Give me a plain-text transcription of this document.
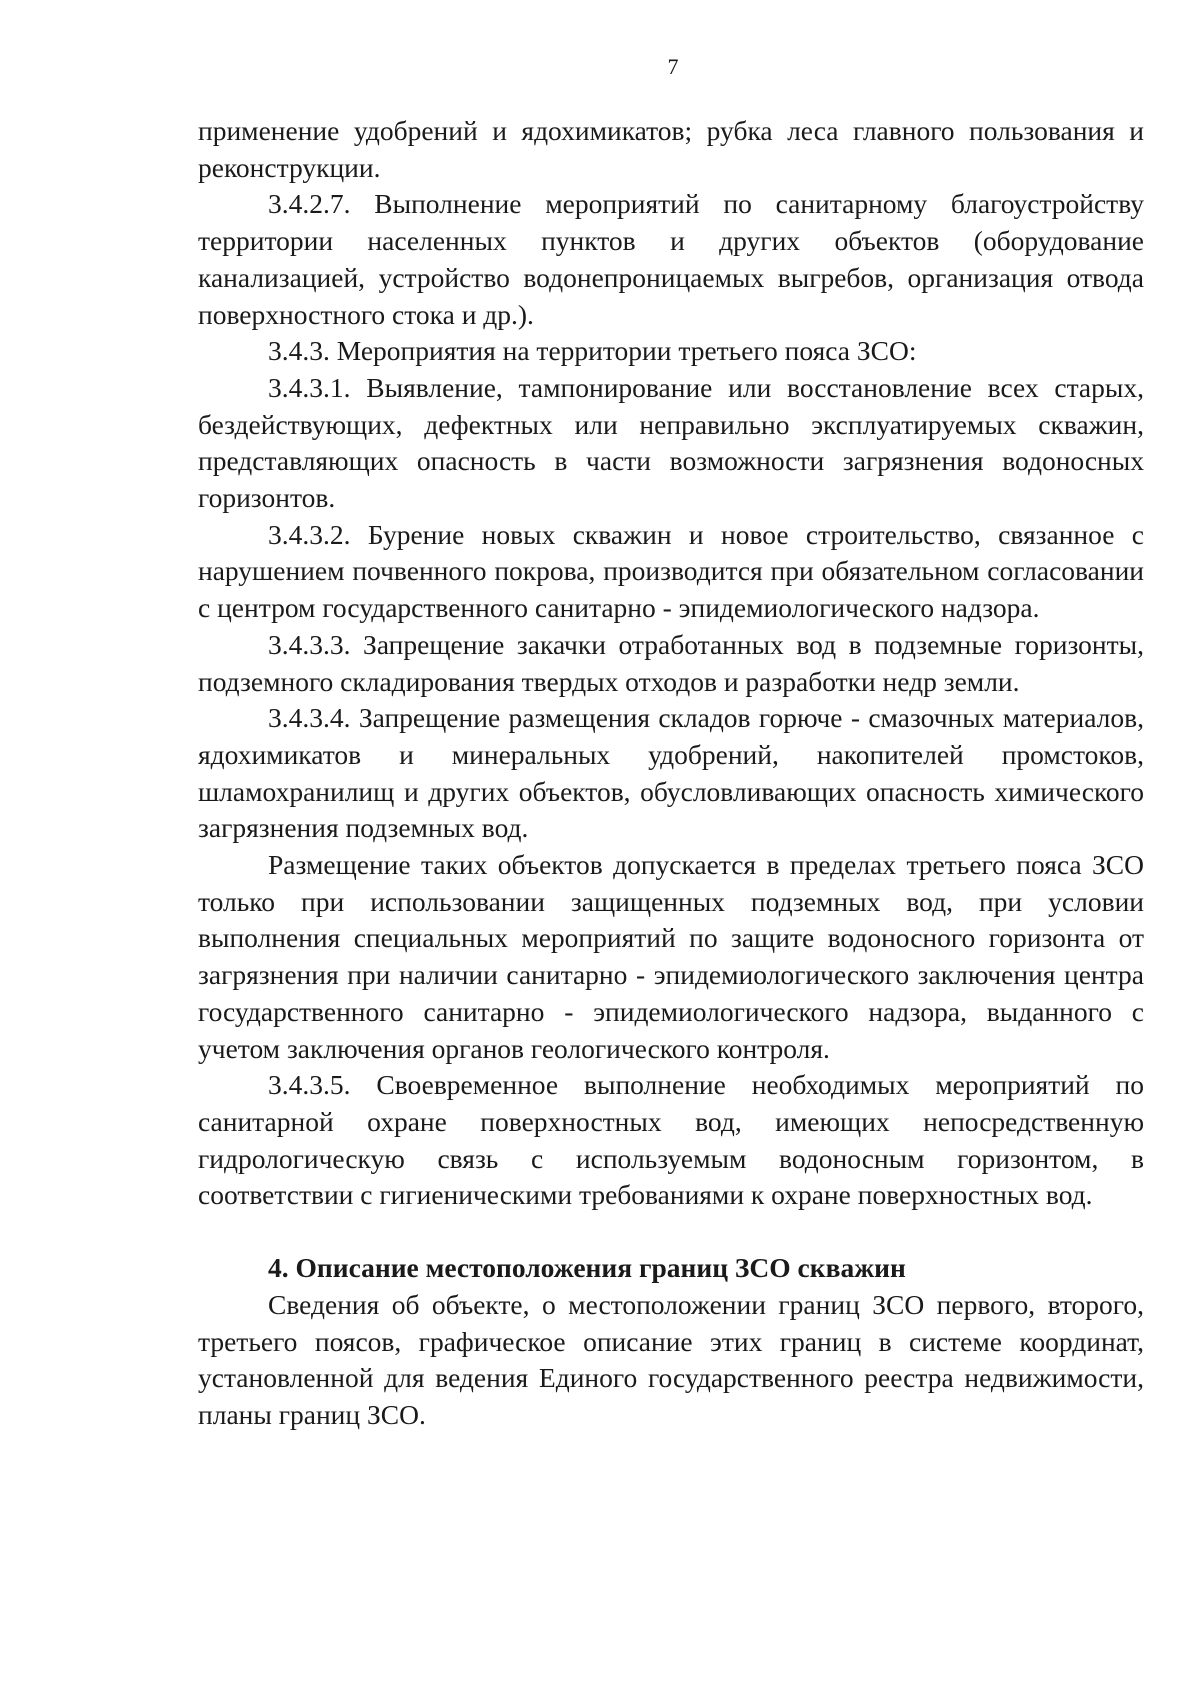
7

применение удобрений и ядохимикатов; рубка леса главного пользования и реконструкции.

3.4.2.7. Выполнение мероприятий по санитарному благоустройству территории населенных пунктов и других объектов (оборудование канализацией, устройство водонепроницаемых выгребов, организация отвода поверхностного стока и др.).

3.4.3. Мероприятия на территории третьего пояса ЗСО:

3.4.3.1. Выявление, тампонирование или восстановление всех старых, бездействующих, дефектных или неправильно эксплуатируемых скважин, представляющих опасность в части возможности загрязнения водоносных горизонтов.

3.4.3.2. Бурение новых скважин и новое строительство, связанное с нарушением почвенного покрова, производится при обязательном согласовании с центром государственного санитарно - эпидемиологического надзора.

3.4.3.3. Запрещение закачки отработанных вод в подземные горизонты, подземного складирования твердых отходов и разработки недр земли.

3.4.3.4. Запрещение размещения складов горюче - смазочных материалов, ядохимикатов и минеральных удобрений, накопителей промстоков, шламохранилищ и других объектов, обусловливающих опасность химического загрязнения подземных вод.

Размещение таких объектов допускается в пределах третьего пояса ЗСО только при использовании защищенных подземных вод, при условии выполнения специальных мероприятий по защите водоносного горизонта от загрязнения при наличии санитарно - эпидемиологического заключения центра государственного санитарно - эпидемиологического надзора, выданного с учетом заключения органов геологического контроля.

3.4.3.5. Своевременное выполнение необходимых мероприятий по санитарной охране поверхностных вод, имеющих непосредственную гидрологическую связь с используемым водоносным горизонтом, в соответствии с гигиеническими требованиями к охране поверхностных вод.

4. Описание местоположения границ ЗСО скважин

Сведения об объекте, о местоположении границ ЗСО первого, второго, третьего поясов, графическое описание этих границ в системе координат, установленной для ведения Единого государственного реестра недвижимости, планы границ ЗСО.
